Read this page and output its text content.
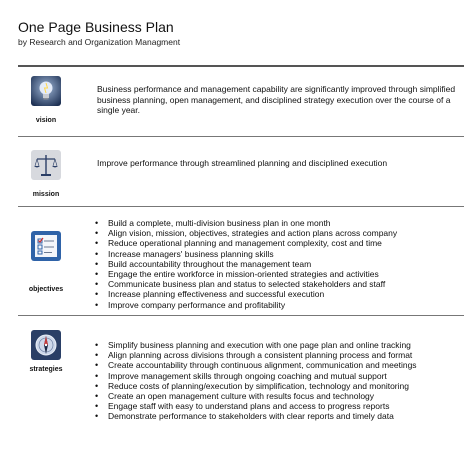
One Page Business Plan
by Research and Organization Managment
vision
Business performance and management capability are significantly improved through simplified business planning, open management, and disciplined strategy execution over the course of a single year.
mission
Improve performance through streamlined planning and disciplined execution
objectives
• Build a complete, multi-division business plan in one month
• Align vision, mission, objectives, strategies and action plans across company
• Reduce operational planning and management complexity, cost and time
• Increase managers' business planning skills
• Build accountability throughout the management team
• Engage the entire workforce in mission-oriented strategies and activities
• Communicate business plan and status to selected stakeholders and staff
• Increase planning effectiveness and successful execution
• Improve company performance and profitability
strategies
• Simplify business planning and execution with one page plan and online tracking
• Align planning across divisions through a consistent planning process and format
• Create accountability through continuous alignment, communication and meetings
• Improve management skills through ongoing coaching and mutual support
• Reduce costs of planning/execution by simplification, technology and monitoring
• Create an open management culture with results focus and technology
• Engage staff with easy to understand plans and access to progress reports
• Demonstrate performance to stakeholders with clear reports and timely data
